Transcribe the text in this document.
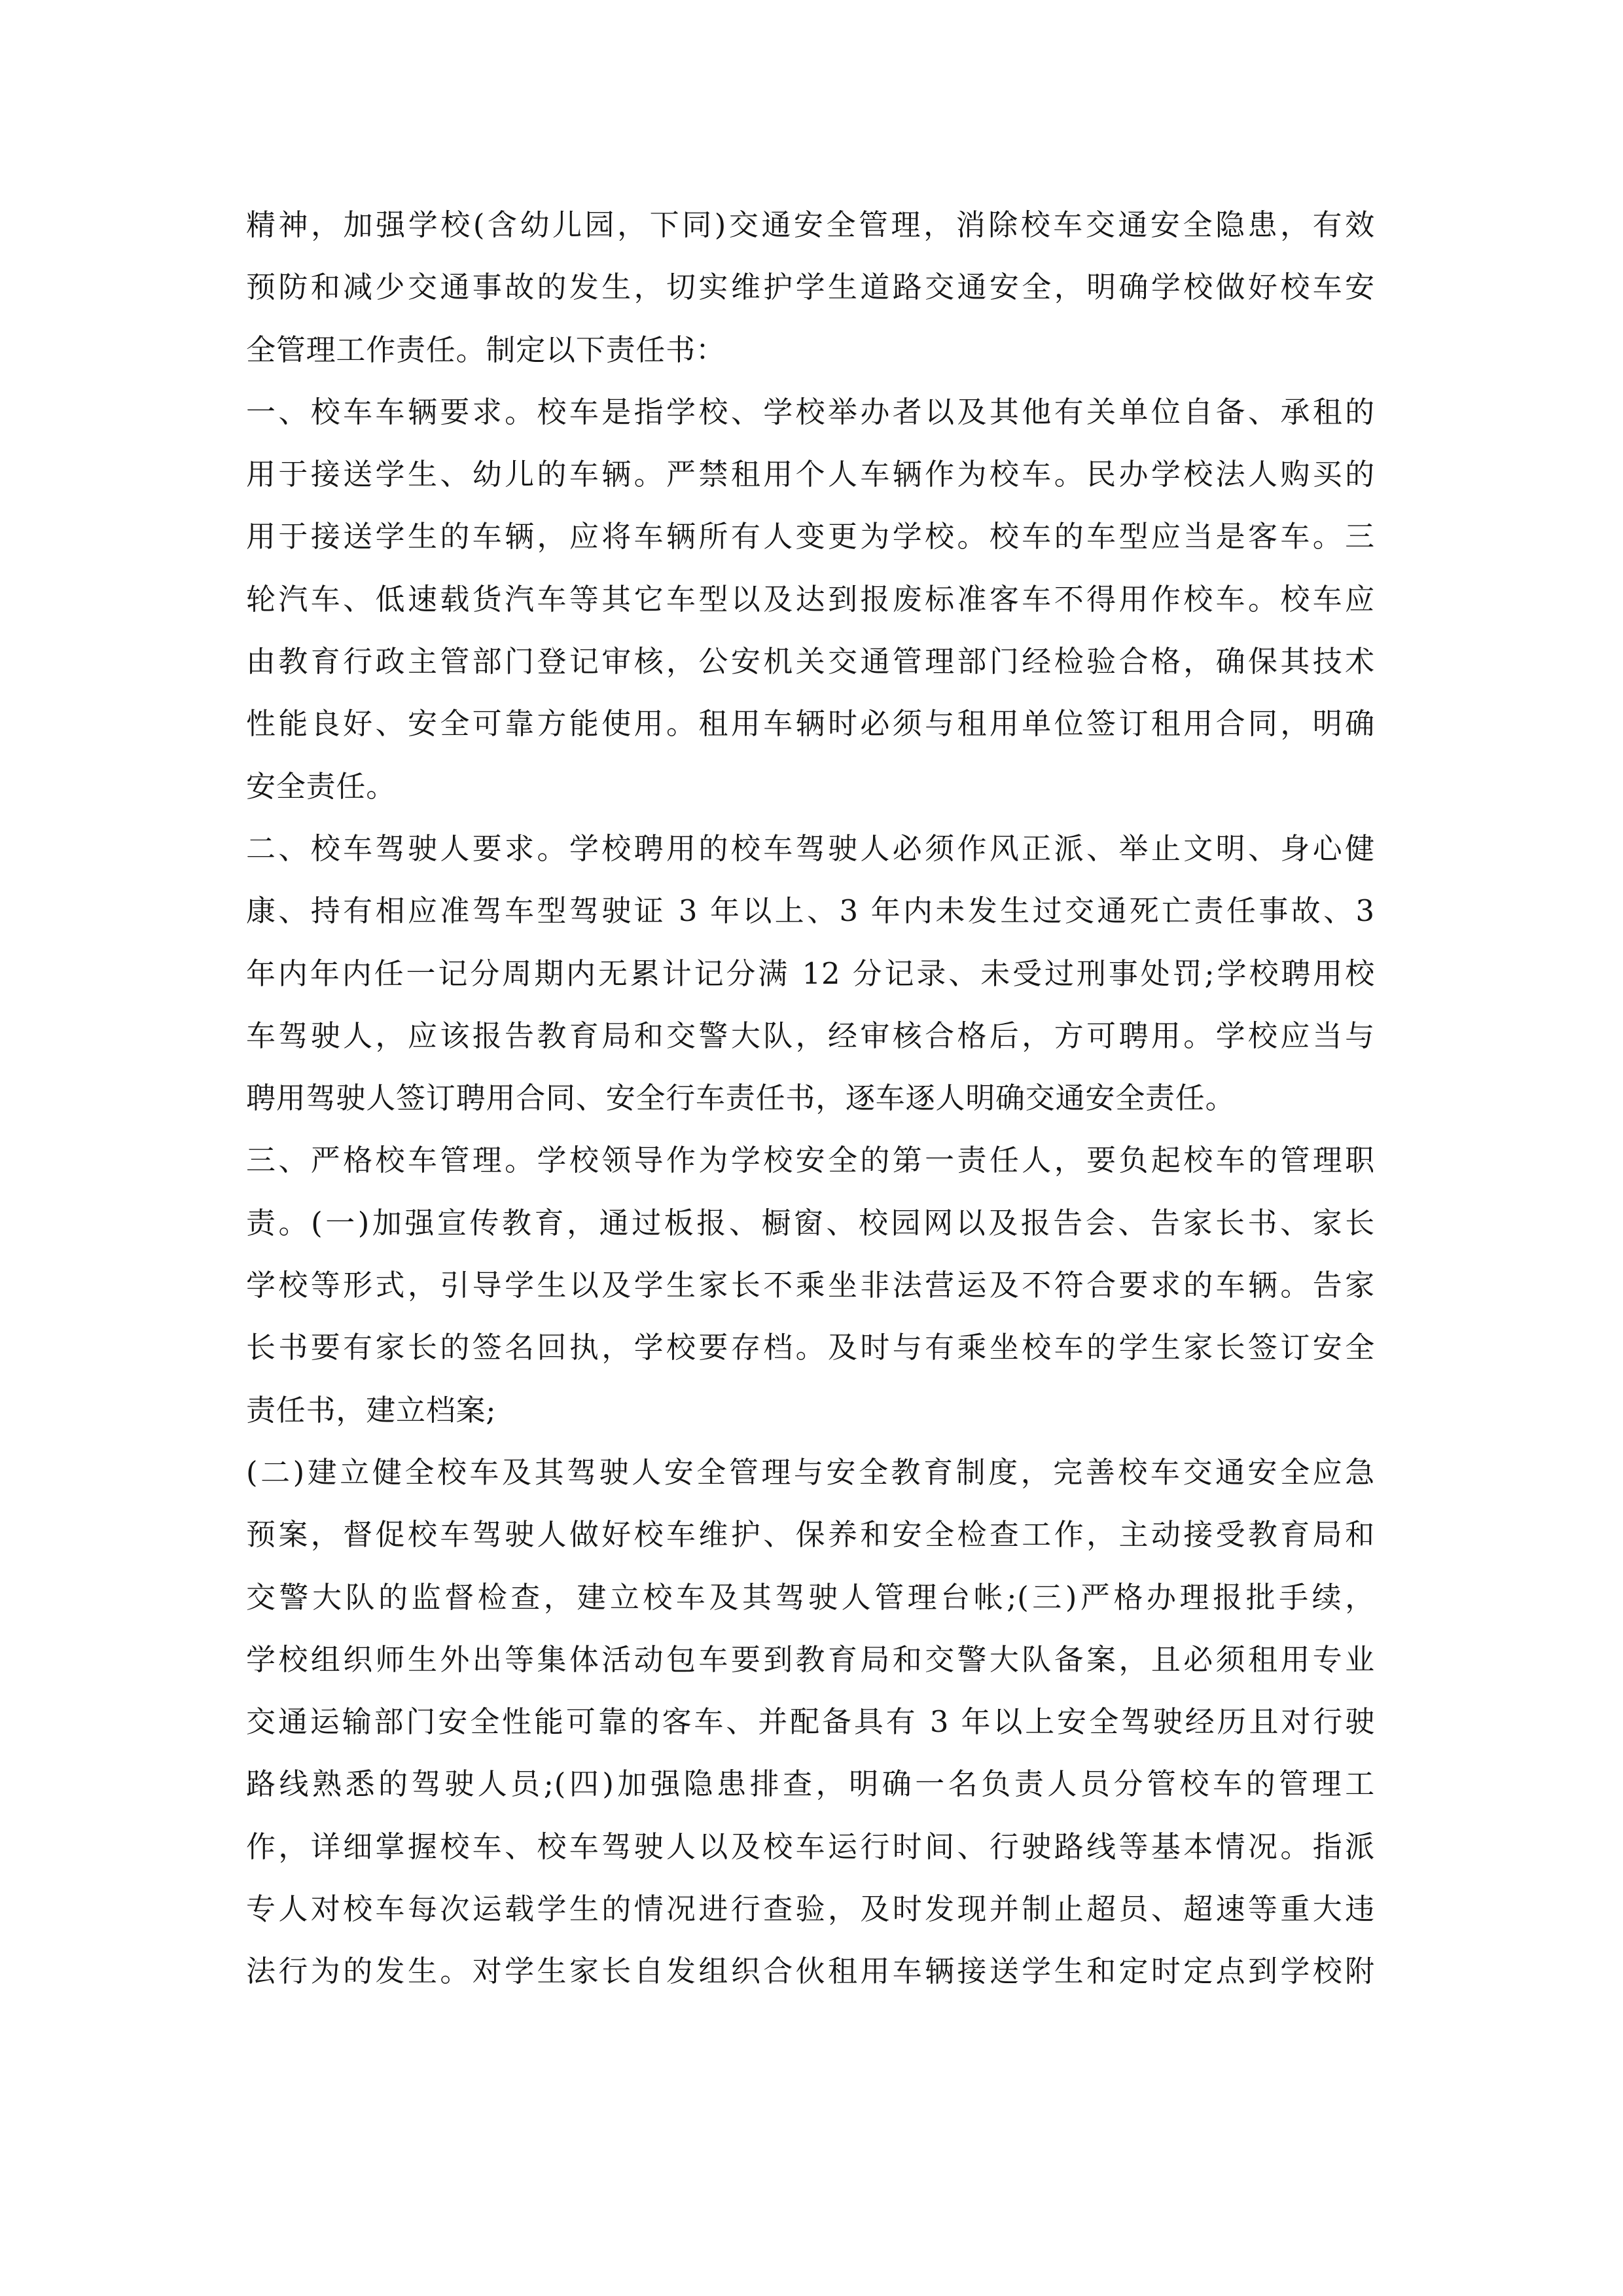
精神，加强学校(含幼儿园，下同)交通安全管理，消除校车交通安全隐患，有效
预防和减少交通事故的发生，切实维护学生道路交通安全，明确学校做好校车安
全管理工作责任。制定以下责任书：
一、校车车辆要求。校车是指学校、学校举办者以及其他有关单位自备、承租的
用于接送学生、幼儿的车辆。严禁租用个人车辆作为校车。民办学校法人购买的
用于接送学生的车辆，应将车辆所有人变更为学校。校车的车型应当是客车。三
轮汽车、低速载货汽车等其它车型以及达到报废标准客车不得用作校车。校车应
由教育行政主管部门登记审核，公安机关交通管理部门经检验合格，确保其技术
性能良好、安全可靠方能使用。租用车辆时必须与租用单位签订租用合同，明确
安全责任。
二、校车驾驶人要求。学校聘用的校车驾驶人必须作风正派、举止文明、身心健
康、持有相应准驾车型驾驶证 3 年以上、3 年内未发生过交通死亡责任事故、3
年内年内任一记分周期内无累计记分满 12 分记录、未受过刑事处罚;学校聘用校
车驾驶人，应该报告教育局和交警大队，经审核合格后，方可聘用。学校应当与
聘用驾驶人签订聘用合同、安全行车责任书，逐车逐人明确交通安全责任。
三、严格校车管理。学校领导作为学校安全的第一责任人，要负起校车的管理职
责。(一)加强宣传教育，通过板报、橱窗、校园网以及报告会、告家长书、家长
学校等形式，引导学生以及学生家长不乘坐非法营运及不符合要求的车辆。告家
长书要有家长的签名回执，学校要存档。及时与有乘坐校车的学生家长签订安全
责任书，建立档案;
(二)建立健全校车及其驾驶人安全管理与安全教育制度，完善校车交通安全应急
预案，督促校车驾驶人做好校车维护、保养和安全检查工作，主动接受教育局和
交警大队的监督检查，建立校车及其驾驶人管理台帐;(三)严格办理报批手续，
学校组织师生外出等集体活动包车要到教育局和交警大队备案，且必须租用专业
交通运输部门安全性能可靠的客车、并配备具有 3 年以上安全驾驶经历且对行驶
路线熟悉的驾驶人员;(四)加强隐患排查，明确一名负责人员分管校车的管理工
作，详细掌握校车、校车驾驶人以及校车运行时间、行驶路线等基本情况。指派
专人对校车每次运载学生的情况进行查验，及时发现并制止超员、超速等重大违
法行为的发生。对学生家长自发组织合伙租用车辆接送学生和定时定点到学校附
